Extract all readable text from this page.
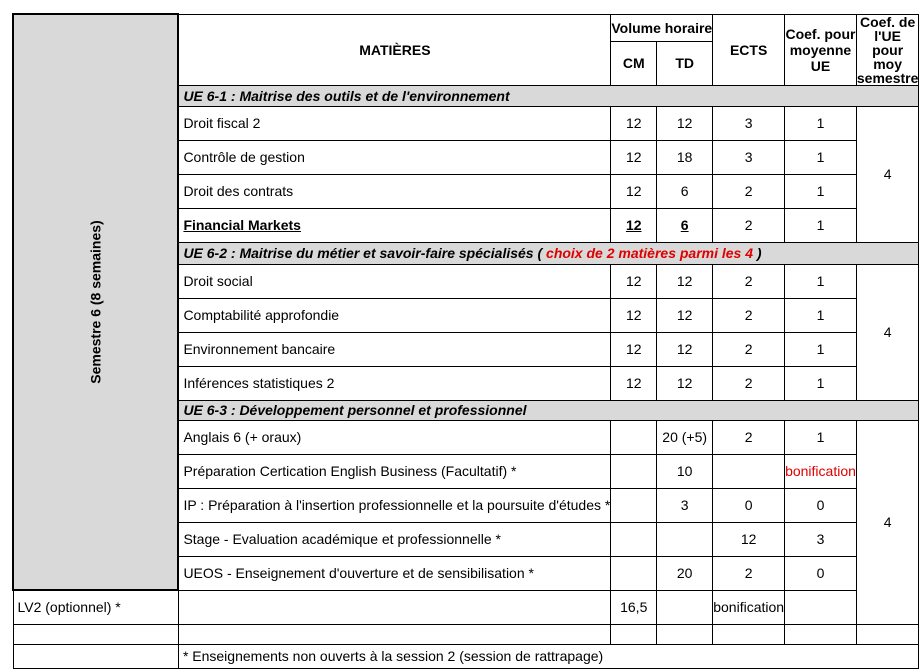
Semestre 6 (8 semaines)	MATIÈRES	Volume horaire		ECTS	Coef. pour moyenne UE	Coef. de l'UE pour moy semestre
		CM	TD			
	UE 6-1 : Maitrise des outils et de l'environnement					
	Droit fiscal 2	12	12	3	1	4
	Contrôle de gestion	12	18	3	1	
	Droit des contrats	12	6	2	1	
	Financial Markets	12	6	2	1	
	UE 6-2 : Maitrise du métier et savoir-faire spécialisés ( choix de 2 matières parmi les 4 )					
	Droit social	12	12	2	1	4
	Comptabilité approfondie	12	12	2	1	
	Environnement bancaire	12	12	2	1	
	Inférences statistiques 2	12	12	2	1	
	UE 6-3 : Développement personnel et professionnel					
	Anglais 6 (+ oraux)		20 (+5)	2	1	4
	Préparation Certication English Business (Facultatif) *		10		bonification	
	IP : Préparation à l'insertion professionnelle et la poursuite d'études *		3	0	0	
	Stage - Evaluation académique et professionnelle *			12	3	
	UEOS - Enseignement d'ouverture et de sensibilisation *		20	2	0	
LV2 (optionnel) *		16,5		bonification		

	* Enseignements non ouverts à la session 2 (session de rattrapage)					
